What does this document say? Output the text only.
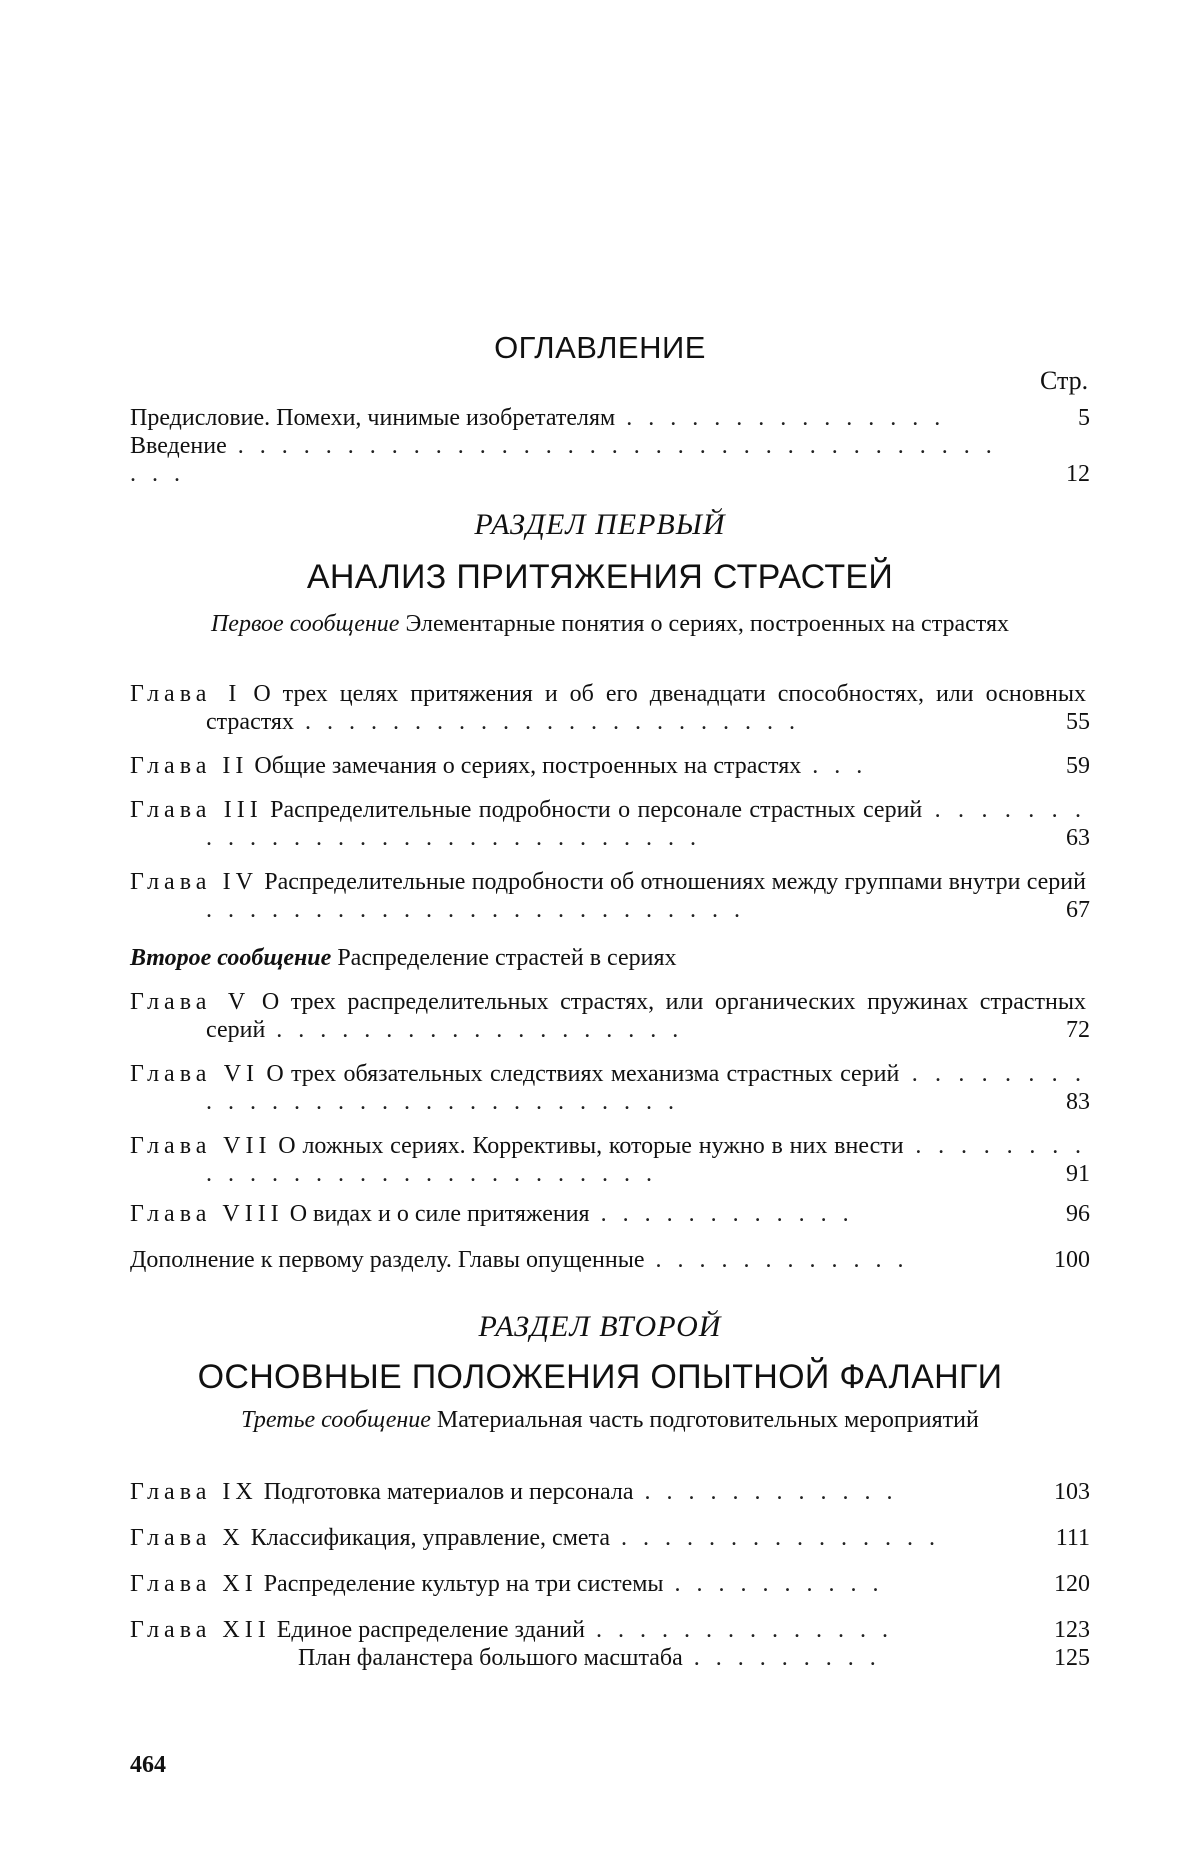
ОГЛАВЛЕНИЕ
Стр.
Предисловие. Помехи, чинимые изобретателям . . . . . . . . . . . . . . .	5
Введение . . . . . . . . . . . . . . . . . . . . . . . . . . . . . . . . . . . . . .	12
РАЗДЕЛ ПЕРВЫЙ
АНАЛИЗ ПРИТЯЖЕНИЯ СТРАСТЕЙ
Первое сообщение Элементарные понятия о сериях, построенных на страстях
Глава I О трех целях притяжения и об его двенадцати способностях, или основных страстях . . . . . . . . . . . . . . . . . . . . . . .	55
Глава II Общие замечания о сериях, построенных на страстях . . .	59
Глава III Распределительные подробности о персонале страстных серий . . . . . . . . . . . . . . . . . . . . . . . . . . . . . .	63
Глава IV Распределительные подробности об отношениях между группами внутри серий . . . . . . . . . . . . . . . . . . . . . . . . .	67
Второе сообщение Распределение страстей в сериях
Глава V О трех распределительных страстях, или органических пружинах страстных серий . . . . . . . . . . . . . . . . . . .	72
Глава VI О трех обязательных следствиях механизма страстных серий . . . . . . . . . . . . . . . . . . . . . . . . . . . . . .	83
Глава VII О ложных сериях. Коррективы, которые нужно в них внести . . . . . . . . . . . . . . . . . . . . . . . . . . . . .	91
Глава VIII О видах и о силе притяжения . . . . . . . . . . . .	96
Дополнение к первому разделу. Главы опущенные . . . . . . . . . . . .	100
РАЗДЕЛ ВТОРОЙ
ОСНОВНЫЕ ПОЛОЖЕНИЯ ОПЫТНОЙ ФАЛАНГИ
Третье сообщение Материальная часть подготовительных мероприятий
Глава IX Подготовка материалов и персонала . . . . . . . . . . . .	103
Глава X Классификация, управление, смета . . . . . . . . . . . . . . .	111
Глава XI Распределение культур на три системы . . . . . . . . . .	120
Глава XII Единое распределение зданий . . . . . . . . . . . . . .	123
План фаланстера большого масштаба . . . . . . . . .	125
464
